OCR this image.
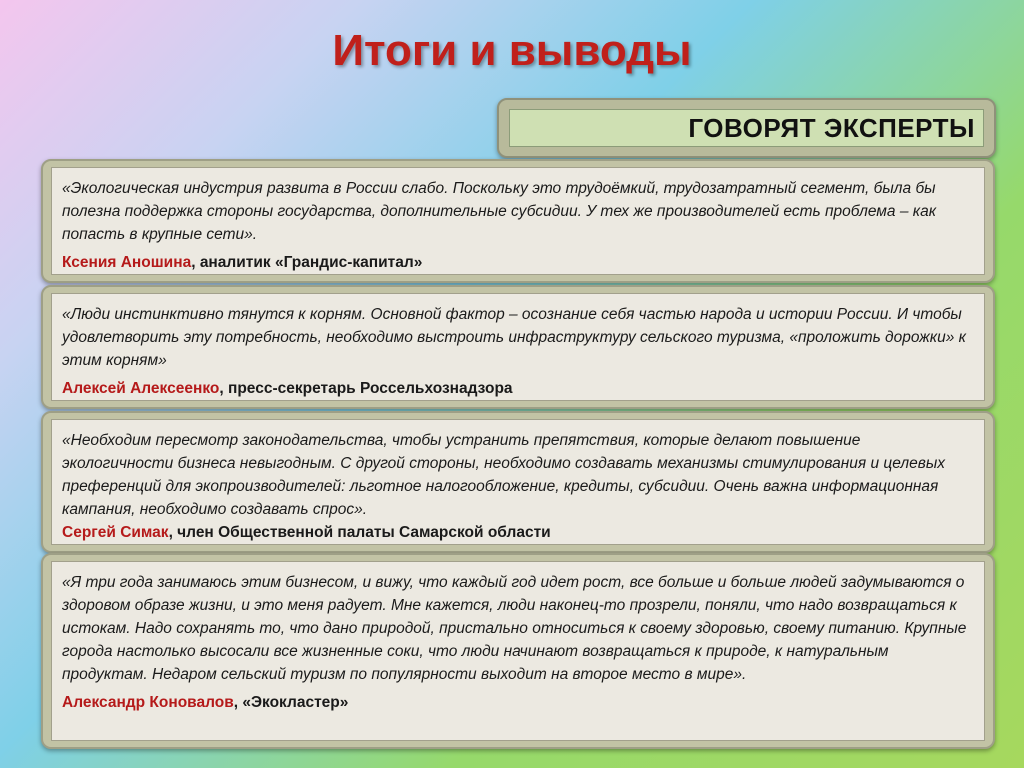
Итоги и выводы
ГОВОРЯТ ЭКСПЕРТЫ

«Экологическая индустрия развита в России слабо. Поскольку это трудоёмкий, трудозатратный сегмент, была бы полезна поддержка стороны государства, дополнительные субсидии. У тех же производителей есть проблема – как попасть в крупные сети».

Ксения Аношина, аналитик «Грандис-капитал»

«Люди инстинктивно тянутся к корням. Основной фактор – осознание себя частью народа и истории России. И чтобы удовлетворить эту потребность, необходимо выстроить инфраструктуру сельского туризма, «проложить дорожки» к этим корням»

Алексей Алексеенко, пресс-секретарь Россельхознадзора

«Необходим пересмотр законодательства, чтобы устранить препятствия, которые делают повышение экологичности бизнеса невыгодным. С другой стороны, необходимо создавать механизмы стимулирования и целевых преференций для экопроизводителей: льготное налогообложение, кредиты, субсидии. Очень важна информационная кампания, необходимо создавать спрос».

Сергей Симак, член Общественной палаты Самарской области

«Я три года занимаюсь этим бизнесом, и вижу, что каждый год идет рост, все больше и больше людей задумываются о здоровом образе жизни, и это меня радует. Мне кажется, люди наконец-то прозрели, поняли, что надо возвращаться к истокам. Надо сохранять то, что дано природой, пристально относиться к своему здоровью, своему питанию. Крупные города настолько высосали все жизненные соки, что люди начинают возвращаться к природе, к натуральным продуктам. Недаром сельский туризм по популярности выходит на второе место в мире».

Александр Коновалов, «Экокластер»
